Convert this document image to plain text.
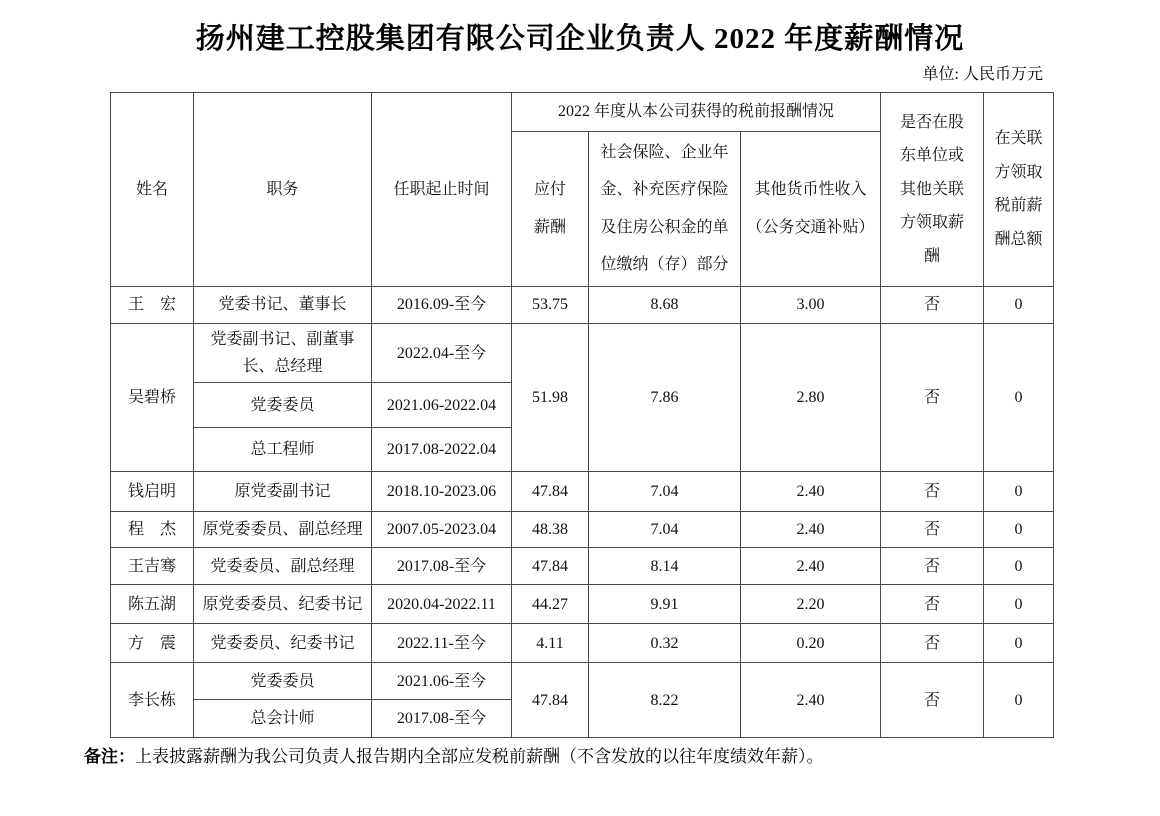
扬州建工控股集团有限公司企业负责人 2022 年度薪酬情况
单位: 人民币万元
姓名	职务	任职起止时间	2022 年度从本公司获得的税前报酬情况			是否在股东单位或其他关联方领取薪酬	在关联方领取税前薪酬总额
			应付薪酬	社会保险、企业年金、补充医疗保险及住房公积金的单位缴纳（存）部分	其他货币性收入（公务交通补贴）		
王　宏	党委书记、董事长	2016.09-至今	53.75	8.68	3.00	否	0
吴碧桥	党委副书记、副董事长、总经理	2022.04-至今	51.98	7.86	2.80	否	0
	党委委员	2021.06-2022.04					
	总工程师	2017.08-2022.04					
钱启明	原党委副书记	2018.10-2023.06	47.84	7.04	2.40	否	0
程　杰	原党委委员、副总经理	2007.05-2023.04	48.38	7.04	2.40	否	0
王吉骞	党委委员、副总经理	2017.08-至今	47.84	8.14	2.40	否	0
陈五湖	原党委委员、纪委书记	2020.04-2022.11	44.27	9.91	2.20	否	0
方　震	党委委员、纪委书记	2022.11-至今	4.11	0.32	0.20	否	0
李长栋	党委委员	2021.06-至今	47.84	8.22	2.40	否	0
	总会计师	2017.08-至今					
备注：上表披露薪酬为我公司负责人报告期内全部应发税前薪酬（不含发放的以往年度绩效年薪）。
